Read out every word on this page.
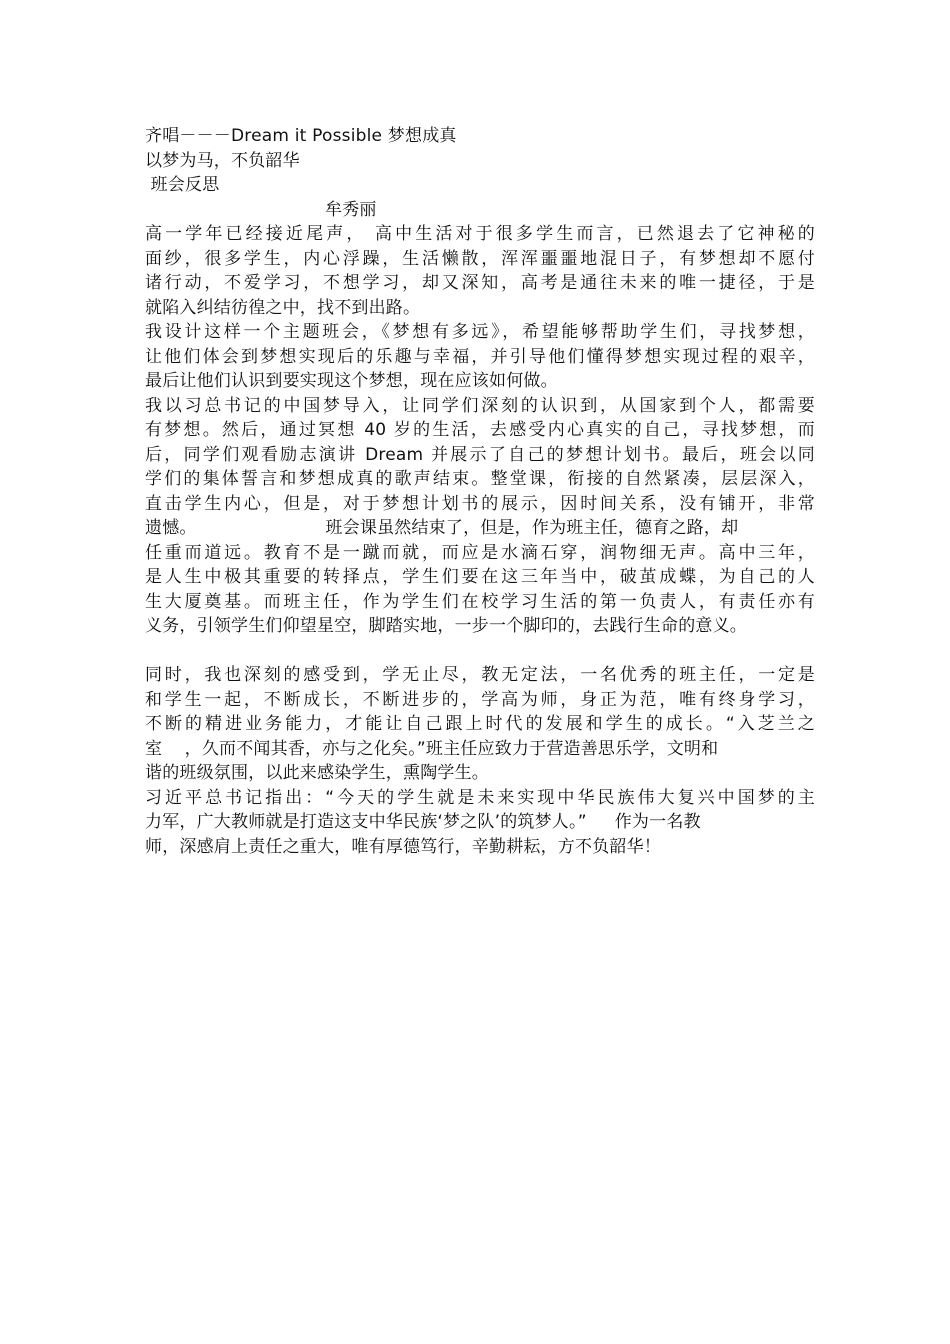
齐唱－－－Dream it Possible 梦想成真

以梦为马，不负韶华

班会反思

牟秀丽

高一学年已经接近尾声， 高中生活对于很多学生而言，已然退去了它神秘的

面纱，很多学生，内心浮躁，生活懒散，浑浑噩噩地混日子，有梦想却不愿付

诸行动，不爱学习，不想学习，却又深知，高考是通往未来的唯一捷径，于是

就陷入纠结彷徨之中，找不到出路。

我设计这样一个主题班会，《梦想有多远》，希望能够帮助学生们，寻找梦想，

让他们体会到梦想实现后的乐趣与幸福，并引导他们懂得梦想实现过程的艰辛，

最后让他们认识到要实现这个梦想，现在应该如何做。

我以习总书记的中国梦导入，让同学们深刻的认识到，从国家到个人，都需要

有梦想。然后，通过冥想 40 岁的生活，去感受内心真实的自己，寻找梦想，而

后，同学们观看励志演讲 Dream 并展示了自己的梦想计划书。最后，班会以同

学们的集体誓言和梦想成真的歌声结束。整堂课，衔接的自然紧凑，层层深入，

直击学生内心，但是，对于梦想计划书的展示，因时间关系，没有铺开，非常

遗憾。                       班会课虽然结束了，但是，作为班主任，德育之路，却

任重而道远。教育不是一蹴而就，而应是水滴石穿，润物细无声。高中三年，

是人生中极其重要的转择点，学生们要在这三年当中，破茧成蝶，为自己的人

生大厦奠基。而班主任，作为学生们在校学习生活的第一负责人，有责任亦有

义务，引领学生们仰望星空，脚踏实地，一步一个脚印的，去践行生命的意义。

同时，我也深刻的感受到，学无止尽，教无定法，一名优秀的班主任，一定是

和学生一起，不断成长，不断进步的，学高为师，身正为范，唯有终身学习，

不断的精进业务能力，才能让自己跟上时代的发展和学生的成长。“入芝兰之

室    ，久而不闻其香，亦与之化矣。”班主任应致力于营造善思乐学，文明和

谐的班级氛围，以此来感染学生，熏陶学生。

习近平总书记指出：“今天的学生就是未来实现中华民族伟大复兴中国梦的主

力军，广大教师就是打造这支中华民族‘梦之队’的筑梦人。”     作为一名教

师，深感肩上责任之重大，唯有厚德笃行，辛勤耕耘，方不负韶华！
